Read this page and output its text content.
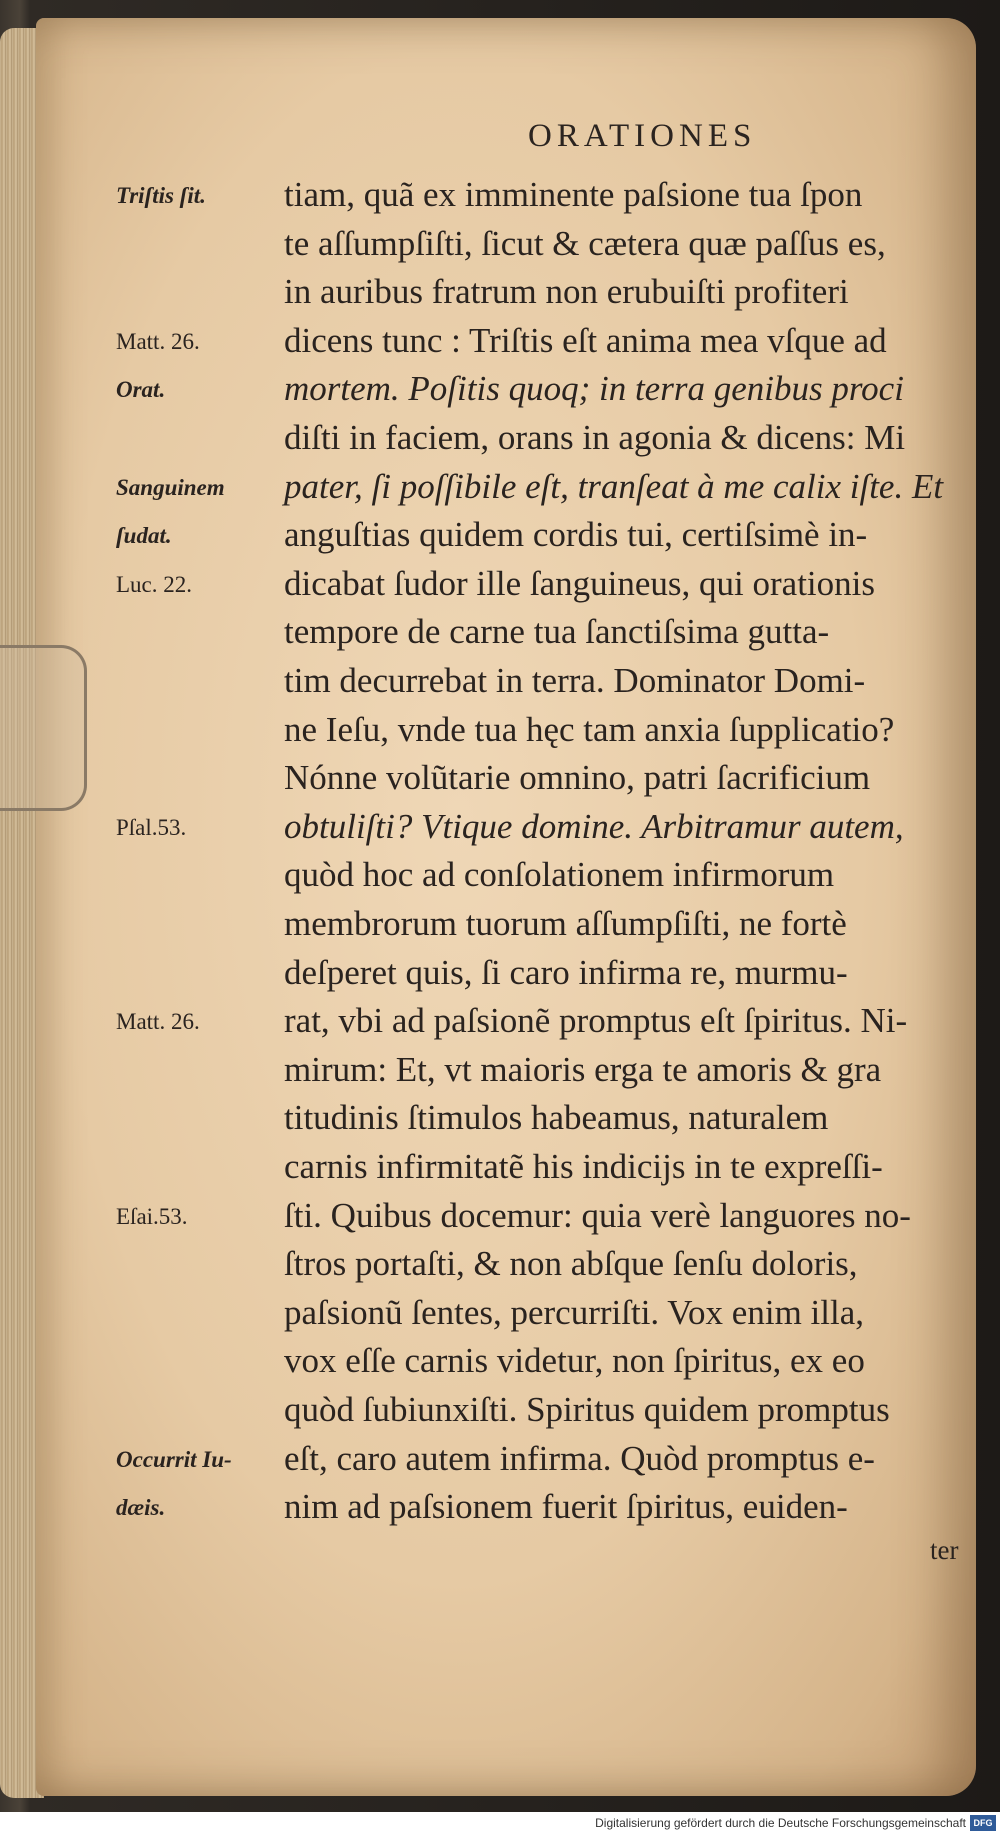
ORATIONES
tiam, quã ex imminente paſsione tua ſpon
te aſſumpſiſti, ſicut & cætera quæ paſſus es,
in auribus fratrum non erubuiſti profiteri
dicens tunc : Triſtis eſt anima mea vſque ad
mortem. Poſitis quoq; in terra genibus proci
diſti in faciem, orans in agonia & dicens: Mi
pater, ſi poſſibile eſt, tranſeat à me calix iſte. Et
anguſtias quidem cordis tui, certiſsimè in-
dicabat ſudor ille ſanguineus, qui orationis
tempore de carne tua ſanctiſsima gutta-
tim decurrebat in terra. Dominator Domi-
ne Ieſu, vnde tua hęc tam anxia ſupplicatio?
Nónne volũtarie omnino, patri ſacrificium
obtuliſti? Vtique domine. Arbitramur autem,
quòd hoc ad conſolationem infirmorum
membrorum tuorum aſſumpſiſti, ne fortè
deſperet quis, ſi caro infirma re, murmu-
rat, vbi ad paſsionẽ promptus eſt ſpiritus. Ni-
mirum: Et, vt maioris erga te amoris & gra
titudinis ſtimulos habeamus, naturalem
carnis infirmitatẽ his indicijs in te expreſſi-
ſti. Quibus docemur: quia verè languores no-
ſtros portaſti, & non abſque ſenſu doloris,
paſsionũ ſentes, percurriſti. Vox enim illa,
vox eſſe carnis videtur, non ſpiritus, ex eo
quòd ſubiunxiſti. Spiritus quidem promptus
eſt, caro autem infirma. Quòd promptus e-
nim ad paſsionem fuerit ſpiritus, euiden-
Triſtis ſit.
Matt. 26.
Orat.
Sanguinem
ſudat.
Luc. 22.
Pſal.53.
Matt. 26.
Eſai.53.
Occurrit Iu-
dæis.
ter
Digitalisierung gefördert durch die Deutsche Forschungsgemeinschaft DFG
